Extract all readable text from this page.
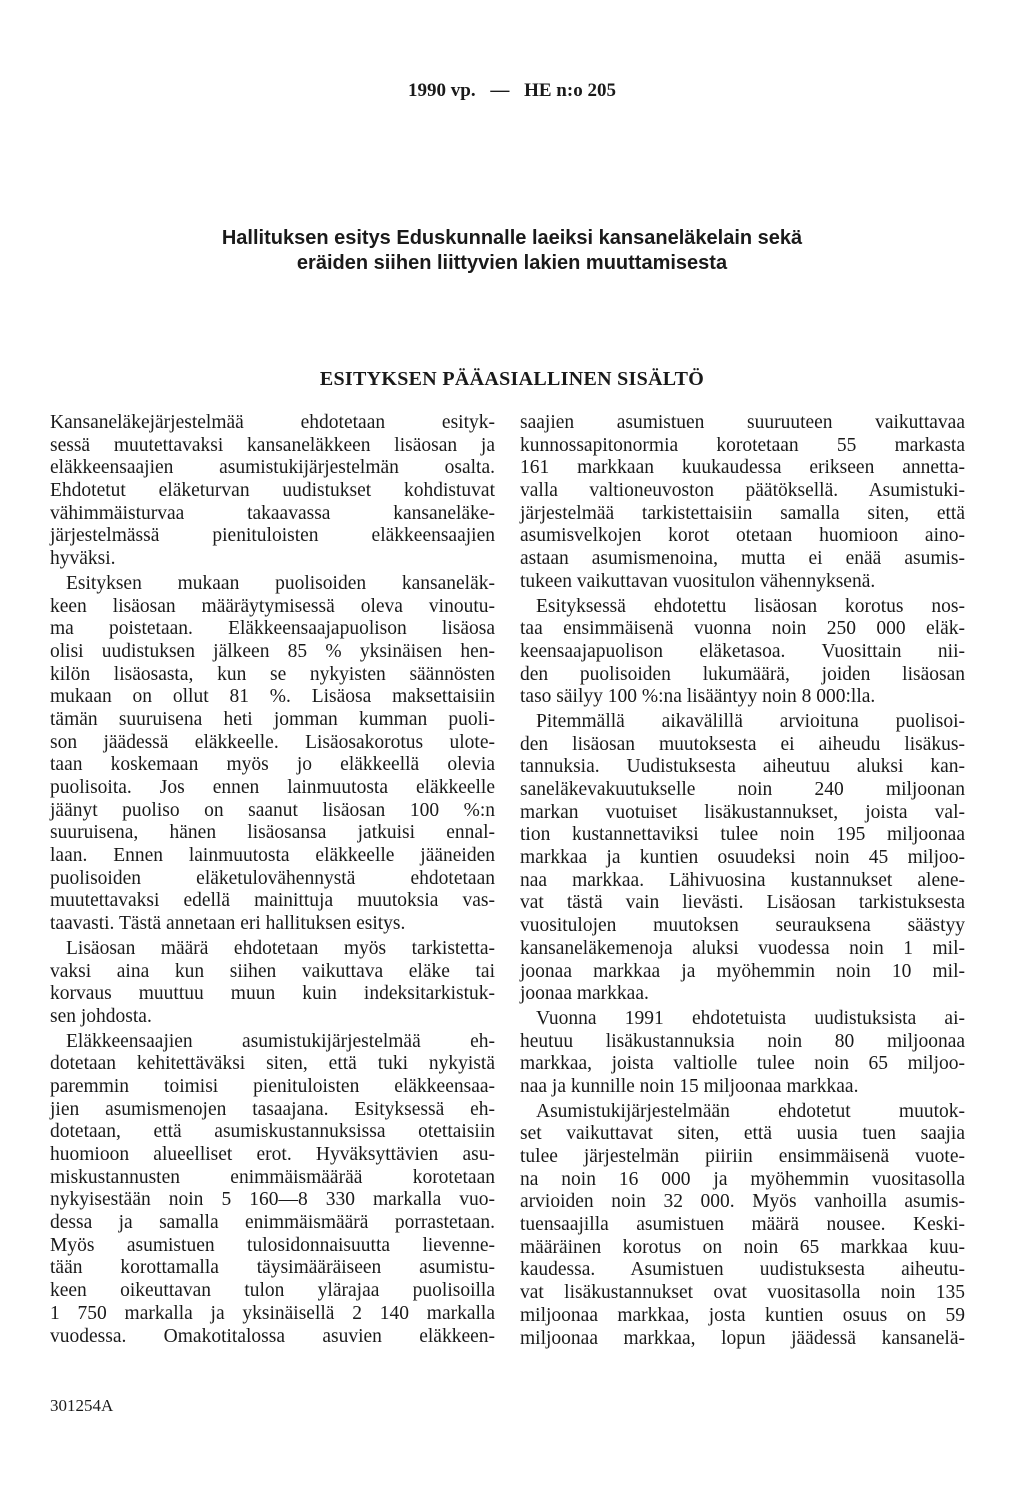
1990 vp. — HE n:o 205
Hallituksen esitys Eduskunnalle laeiksi kansaneläkelain sekä
eräiden siihen liittyvien lakien muuttamisesta
ESITYKSEN PÄÄASIALLINEN SISÄLTÖ
Kansaneläkejärjestelmää ehdotetaan esityk-
sessä muutettavaksi kansaneläkkeen lisäosan ja
eläkkeensaajien asumistukijärjestelmän osalta.
Ehdotetut eläketurvan uudistukset kohdistuvat
vähimmäisturvaa takaavassa kansaneläke-
järjestelmässä pienituloisten eläkkeensaajien
hyväksi.
Esityksen mukaan puolisoiden kansaneläk-
keen lisäosan määräytymisessä oleva vinoutu-
ma poistetaan. Eläkkeensaajapuolison lisäosa
olisi uudistuksen jälkeen 85 % yksinäisen hen-
kilön lisäosasta, kun se nykyisten säännösten
mukaan on ollut 81 %. Lisäosa maksettaisiin
tämän suuruisena heti jomman kumman puoli-
son jäädessä eläkkeelle. Lisäosakorotus ulote-
taan koskemaan myös jo eläkkeellä olevia
puolisoita. Jos ennen lainmuutosta eläkkeelle
jäänyt puoliso on saanut lisäosan 100 %:n
suuruisena, hänen lisäosansa jatkuisi ennal-
laan. Ennen lainmuutosta eläkkeelle jääneiden
puolisoiden eläketulovähennystä ehdotetaan
muutettavaksi edellä mainittuja muutoksia vas-
taavasti. Tästä annetaan eri hallituksen esitys.
Lisäosan määrä ehdotetaan myös tarkistetta-
vaksi aina kun siihen vaikuttava eläke tai
korvaus muuttuu muun kuin indeksitarkistuk-
sen johdosta.
Eläkkeensaajien asumistukijärjestelmää eh-
dotetaan kehitettäväksi siten, että tuki nykyistä
paremmin toimisi pienituloisten eläkkeensaa-
jien asumismenojen tasaajana. Esityksessä eh-
dotetaan, että asumiskustannuksissa otettaisiin
huomioon alueelliset erot. Hyväksyttävien asu-
miskustannusten enimmäismäärää korotetaan
nykyisestään noin 5 160—8 330 markalla vuo-
dessa ja samalla enimmäismäärä porrastetaan.
Myös asumistuen tulosidonnaisuutta lievenne-
tään korottamalla täysimääräiseen asumistu-
keen oikeuttavan tulon ylärajaa puolisoilla
1 750 markalla ja yksinäisellä 2 140 markalla
vuodessa. Omakotitalossa asuvien eläkkeen-
saajien asumistuen suuruuteen vaikuttavaa
kunnossapitonormia korotetaan 55 markasta
161 markkaan kuukaudessa erikseen annetta-
valla valtioneuvoston päätöksellä. Asumistuki-
järjestelmää tarkistettaisiin samalla siten, että
asumisvelkojen korot otetaan huomioon aino-
astaan asumismenoina, mutta ei enää asumis-
tukeen vaikuttavan vuositulon vähennyksenä.
Esityksessä ehdotettu lisäosan korotus nos-
taa ensimmäisenä vuonna noin 250 000 eläk-
keensaajapuolison eläketasoa. Vuosittain nii-
den puolisoiden lukumäärä, joiden lisäosan
taso säilyy 100 %:na lisääntyy noin 8 000:lla.
Pitemmällä aikavälillä arvioituna puolisoi-
den lisäosan muutoksesta ei aiheudu lisäkus-
tannuksia. Uudistuksesta aiheutuu aluksi kan-
saneläkevakuutukselle noin 240 miljoonan
markan vuotuiset lisäkustannukset, joista val-
tion kustannettaviksi tulee noin 195 miljoonaa
markkaa ja kuntien osuudeksi noin 45 miljoo-
naa markkaa. Lähivuosina kustannukset alene-
vat tästä vain lievästi. Lisäosan tarkistuksesta
vuositulojen muutoksen seurauksena säästyy
kansaneläkemenoja aluksi vuodessa noin 1 mil-
joonaa markkaa ja myöhemmin noin 10 mil-
joonaa markkaa.
Vuonna 1991 ehdotetuista uudistuksista ai-
heutuu lisäkustannuksia noin 80 miljoonaa
markkaa, joista valtiolle tulee noin 65 miljoo-
naa ja kunnille noin 15 miljoonaa markkaa.
Asumistukijärjestelmään ehdotetut muutok-
set vaikuttavat siten, että uusia tuen saajia
tulee järjestelmän piiriin ensimmäisenä vuote-
na noin 16 000 ja myöhemmin vuositasolla
arvioiden noin 32 000. Myös vanhoilla asumis-
tuensaajilla asumistuen määrä nousee. Keski-
määräinen korotus on noin 65 markkaa kuu-
kaudessa. Asumistuen uudistuksesta aiheutu-
vat lisäkustannukset ovat vuositasolla noin 135
miljoonaa markkaa, josta kuntien osuus on 59
miljoonaa markkaa, lopun jäädessä kansanelä-
301254A
